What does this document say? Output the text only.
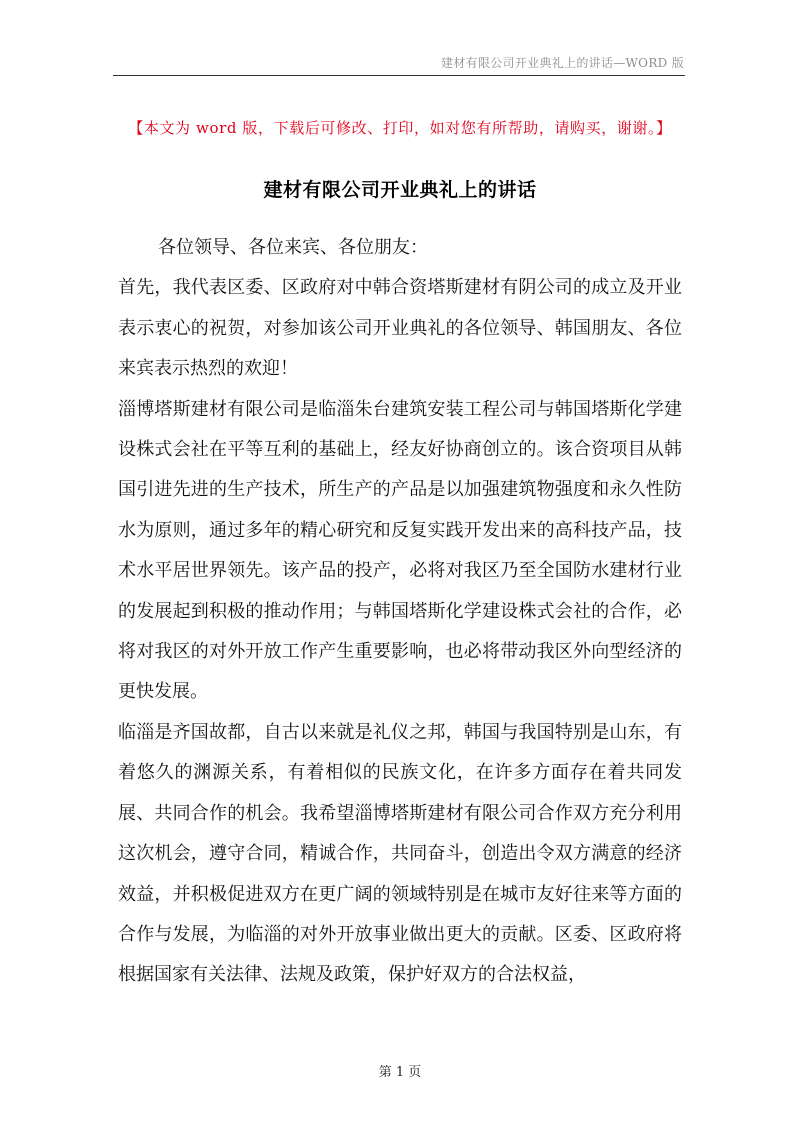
建材有限公司开业典礼上的讲话—WORD 版
【本文为 word 版，下载后可修改、打印，如对您有所帮助，请购买，谢谢。】
建材有限公司开业典礼上的讲话

各位领导、各位来宾、各位朋友：

首先，我代表区委、区政府对中韩合资塔斯建材有阴公司的成立及开业表示衷心的祝贺，对参加该公司开业典礼的各位领导、韩国朋友、各位来宾表示热烈的欢迎！

淄博塔斯建材有限公司是临淄朱台建筑安装工程公司与韩国塔斯化学建设株式会社在平等互利的基础上，经友好协商创立的。该合资项目从韩国引进先进的生产技术，所生产的产品是以加强建筑物强度和永久性防水为原则，通过多年的精心研究和反复实践开发出来的高科技产品，技术水平居世界领先。该产品的投产，必将对我区乃至全国防水建材行业的发展起到积极的推动作用；与韩国塔斯化学建设株式会社的合作，必将对我区的对外开放工作产生重要影响，也必将带动我区外向型经济的更快发展。

临淄是齐国故都，自古以来就是礼仪之邦，韩国与我国特别是山东，有着悠久的渊源关系，有着相似的民族文化，在许多方面存在着共同发展、共同合作的机会。我希望淄博塔斯建材有限公司合作双方充分利用这次机会，遵守合同，精诚合作，共同奋斗，创造出令双方满意的经济效益，并积极促进双方在更广阔的领域特别是在城市友好往来等方面的合作与发展，为临淄的对外开放事业做出更大的贡献。区委、区政府将根据国家有关法律、法规及政策，保护好双方的合法权益，

第 1 页
